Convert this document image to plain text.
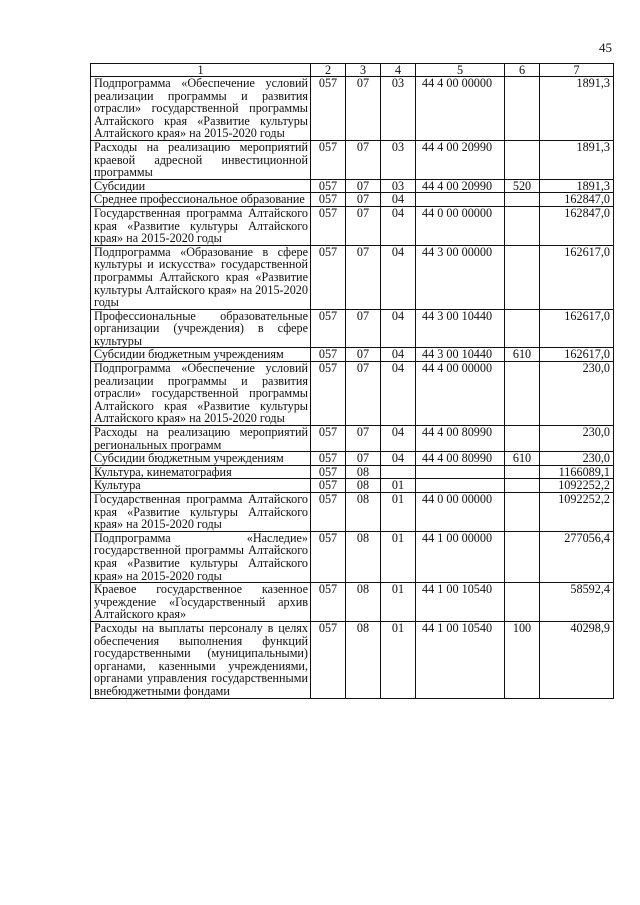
45
1	2	3	4	5	6	7
Подпрограмма «Обеспечение условий реализации программы и развития отрасли» государственной программы Алтайского края «Развитие культуры Алтайского края» на 2015-2020 годы	057	07	03	44 4 00 00000		1891,3
Расходы на реализацию мероприятий краевой адресной инвестиционной программы	057	07	03	44 4 00 20990		1891,3
Субсидии	057	07	03	44 4 00 20990	520	1891,3
Среднее профессиональное образование	057	07	04			162847,0
Государственная программа Алтайского края «Развитие культуры Алтайского края» на 2015-2020 годы	057	07	04	44 0 00 00000		162847,0
Подпрограмма «Образование в сфере культуры и искусства» государственной программы Алтайского края «Развитие культуры Алтайского края» на 2015-2020 годы	057	07	04	44 3 00 00000		162617,0
Профессиональные образовательные организации (учреждения) в сфере культуры	057	07	04	44 3 00 10440		162617,0
Субсидии бюджетным учреждениям	057	07	04	44 3 00 10440	610	162617,0
Подпрограмма «Обеспечение условий реализации программы и развития отрасли» государственной программы Алтайского края «Развитие культуры Алтайского края» на 2015-2020 годы	057	07	04	44 4 00 00000		230,0
Расходы на реализацию мероприятий региональных программ	057	07	04	44 4 00 80990		230,0
Субсидии бюджетным учреждениям	057	07	04	44 4 00 80990	610	230,0
Культура, кинематография	057	08				1166089,1
Культура	057	08	01			1092252,2
Государственная программа Алтайского края «Развитие культуры Алтайского края» на 2015-2020 годы	057	08	01	44 0 00 00000		1092252,2
Подпрограмма «Наследие» государственной программы Алтайского края «Развитие культуры Алтайского края» на 2015-2020 годы	057	08	01	44 1 00 00000		277056,4
Краевое государственное казенное учреждение «Государственный архив Алтайского края»	057	08	01	44 1 00 10540		58592,4
Расходы на выплаты персоналу в целях обеспечения выполнения функций государственными (муниципальными) органами, казенными учреждениями, органами управления государственными внебюджетными фондами	057	08	01	44 1 00 10540	100	40298,9
